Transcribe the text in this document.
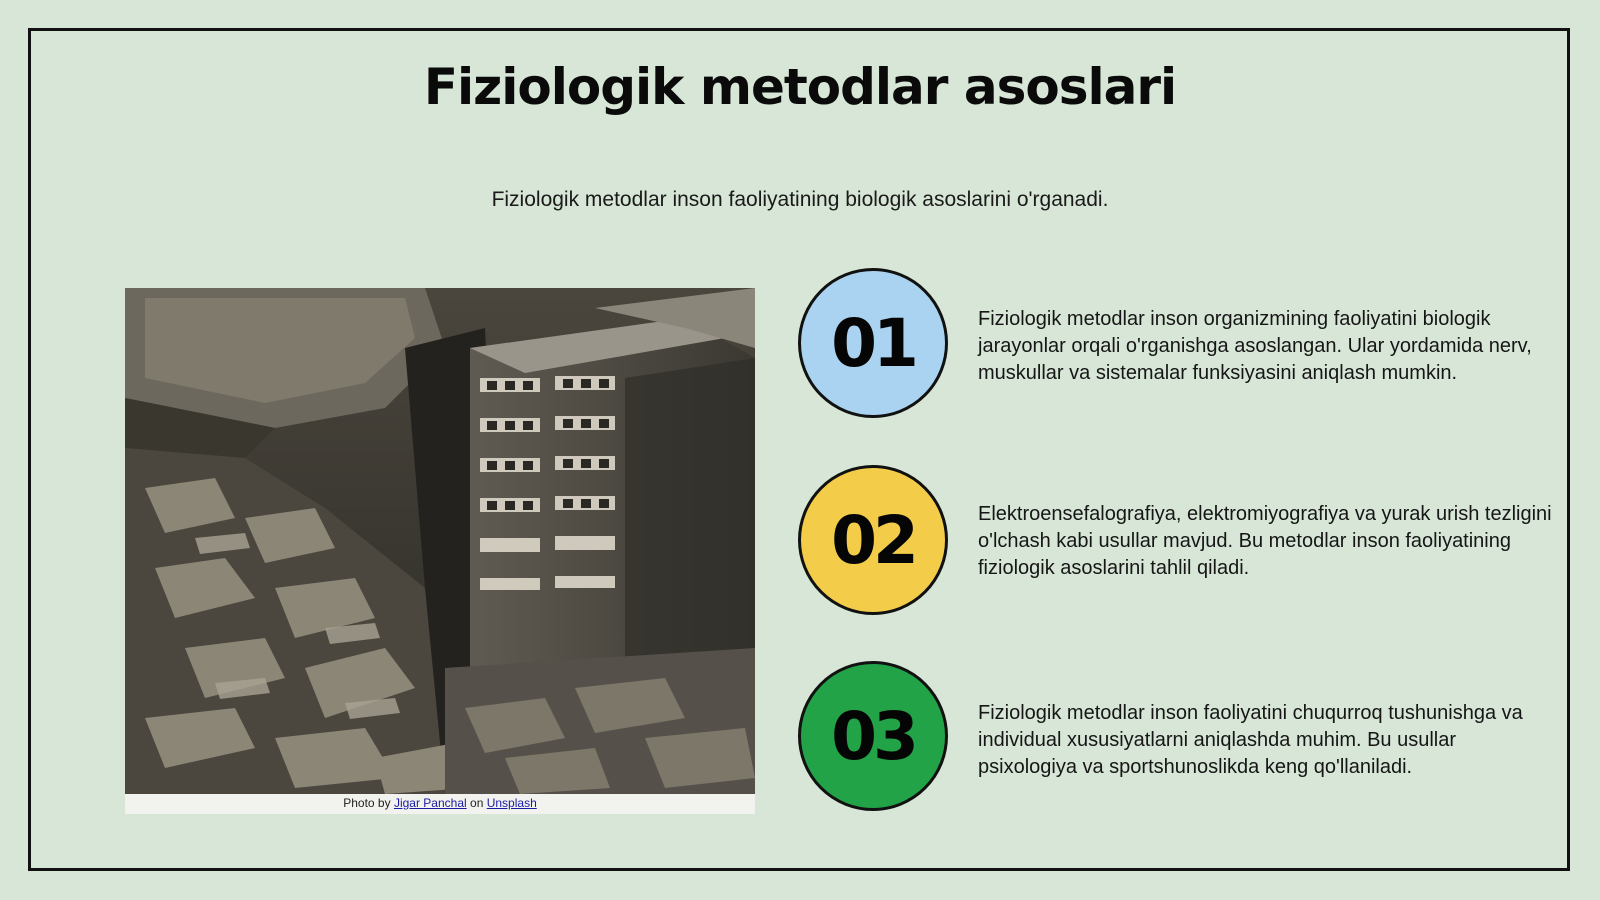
Fiziologik metodlar asoslari
Fiziologik metodlar inson faoliyatining biologik asoslarini o'rganadi.
Photo by Jigar Panchal on Unsplash
01	Fiziologik metodlar inson organizmining faoliyatini biologik jarayonlar orqali o'rganishga asoslangan. Ular yordamida nerv, muskullar va sistemalar funksiyasini aniqlash mumkin.
02	Elektroensefalografiya, elektromiyografiya va yurak urish tezligini o'lchash kabi usullar mavjud. Bu metodlar inson faoliyatining fiziologik asoslarini tahlil qiladi.
03	Fiziologik metodlar inson faoliyatini chuqurroq tushunishga va individual xususiyatlarni aniqlashda muhim. Bu usullar psixologiya va sportshunoslikda keng qo'llaniladi.
